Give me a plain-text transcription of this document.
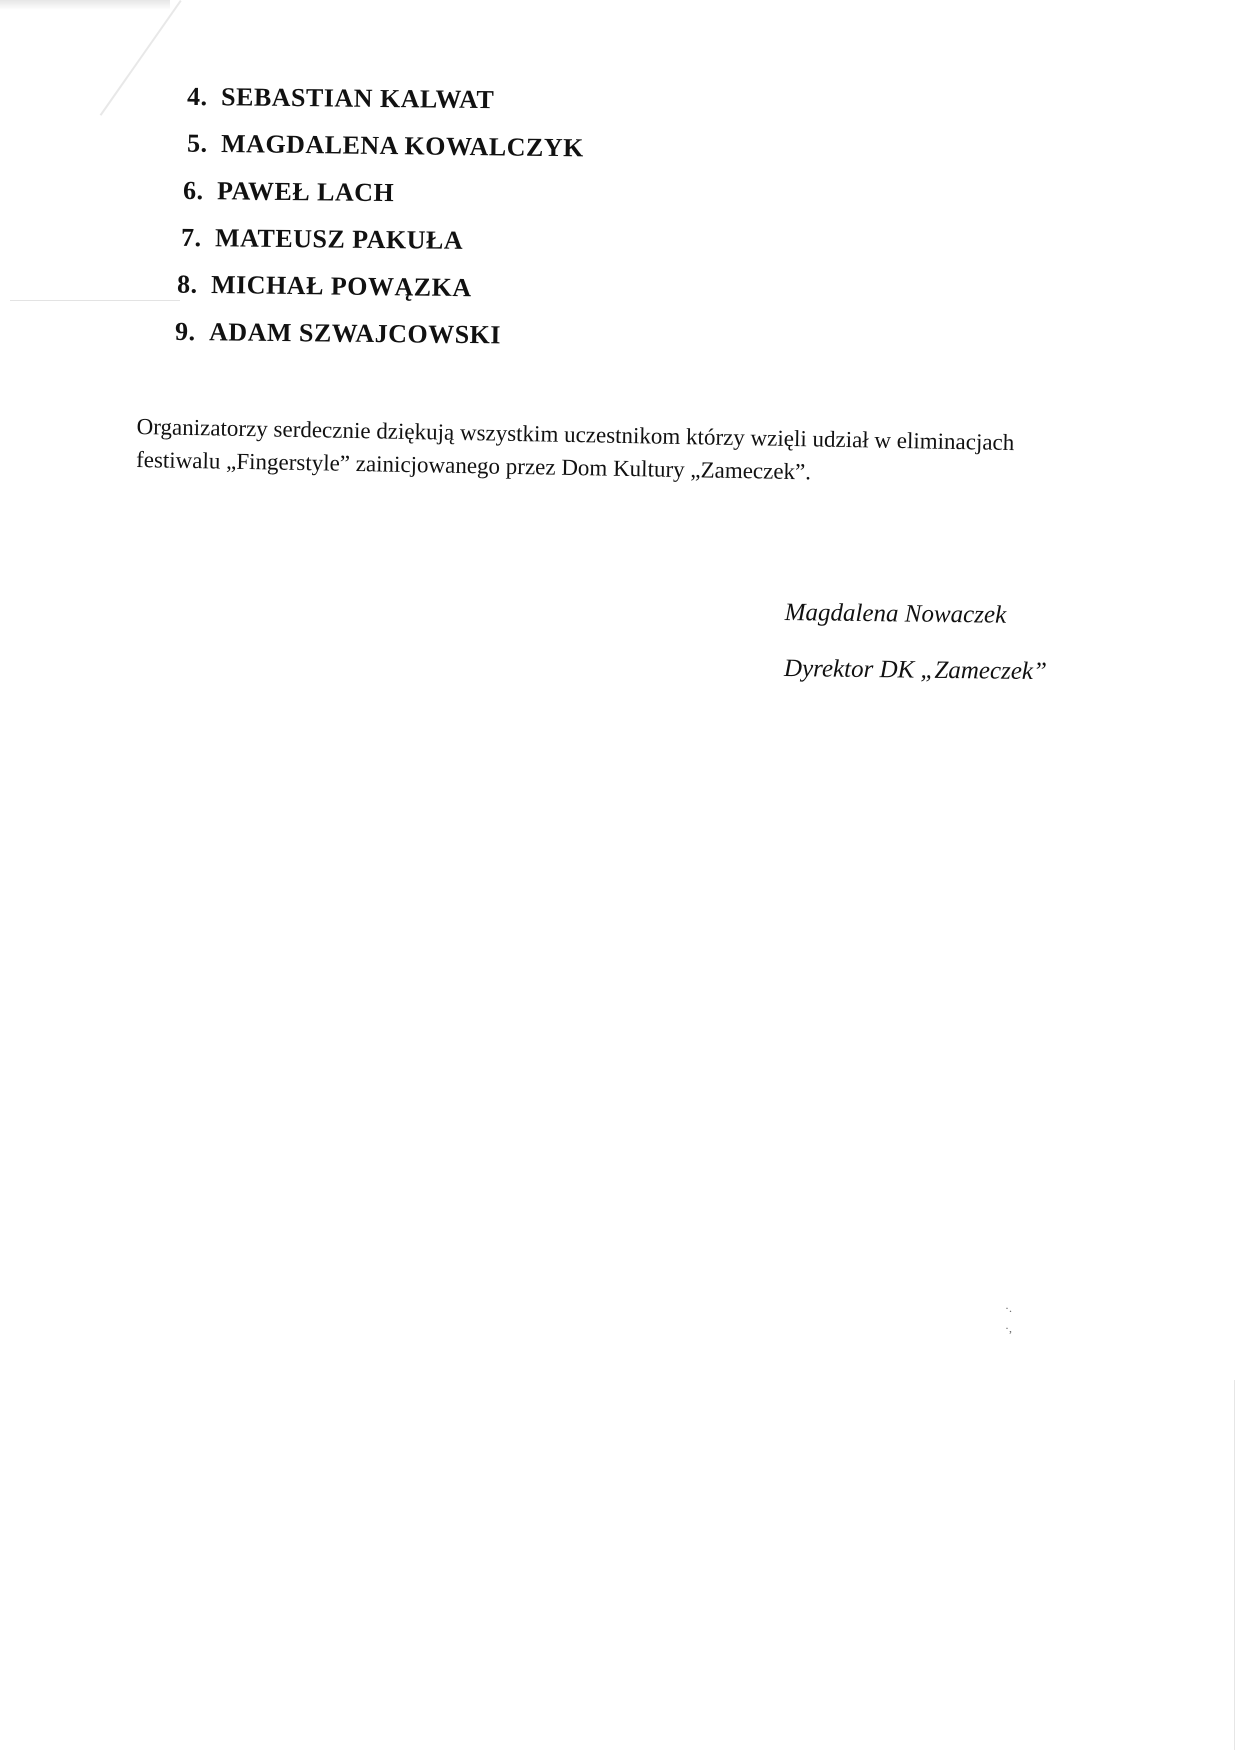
4. SEBASTIAN KALWAT
5. MAGDALENA KOWALCZYK
6. PAWEŁ LACH
7. MATEUSZ PAKUŁA
8. MICHAŁ POWĄZKA
9. ADAM SZWAJCOWSKI

Organizatorzy serdecznie dziękują wszystkim uczestnikom którzy wzięli udział w eliminacjach

festiwalu „Fingerstyle” zainicjowanego przez Dom Kultury „Zameczek”.

Magdalena Nowaczek
Dyrektor DK „Zameczek”
·.
·,
